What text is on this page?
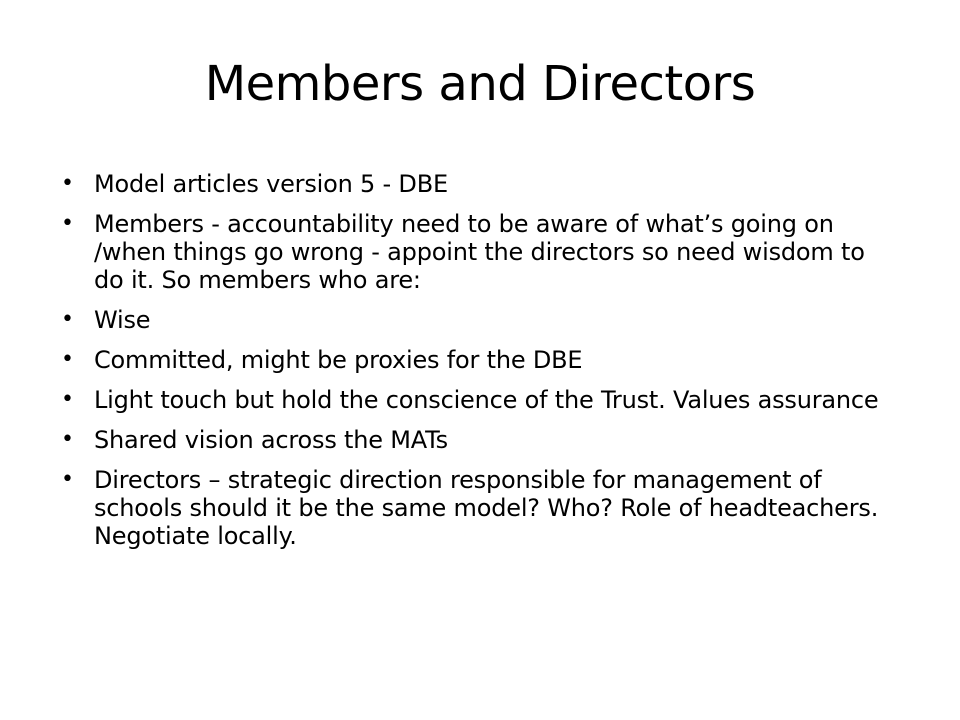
Members and Directors
• Model articles version 5 - DBE
• Members - accountability need to be aware of what’s going on /when things go wrong - appoint the directors so need wisdom to do it. So members who are:
• Wise
• Committed, might be proxies for the DBE
• Light touch but hold the conscience of the Trust. Values assurance
• Shared vision across the MATs
• Directors – strategic direction responsible for management of schools should it be the same model? Who? Role of headteachers. Negotiate locally.
